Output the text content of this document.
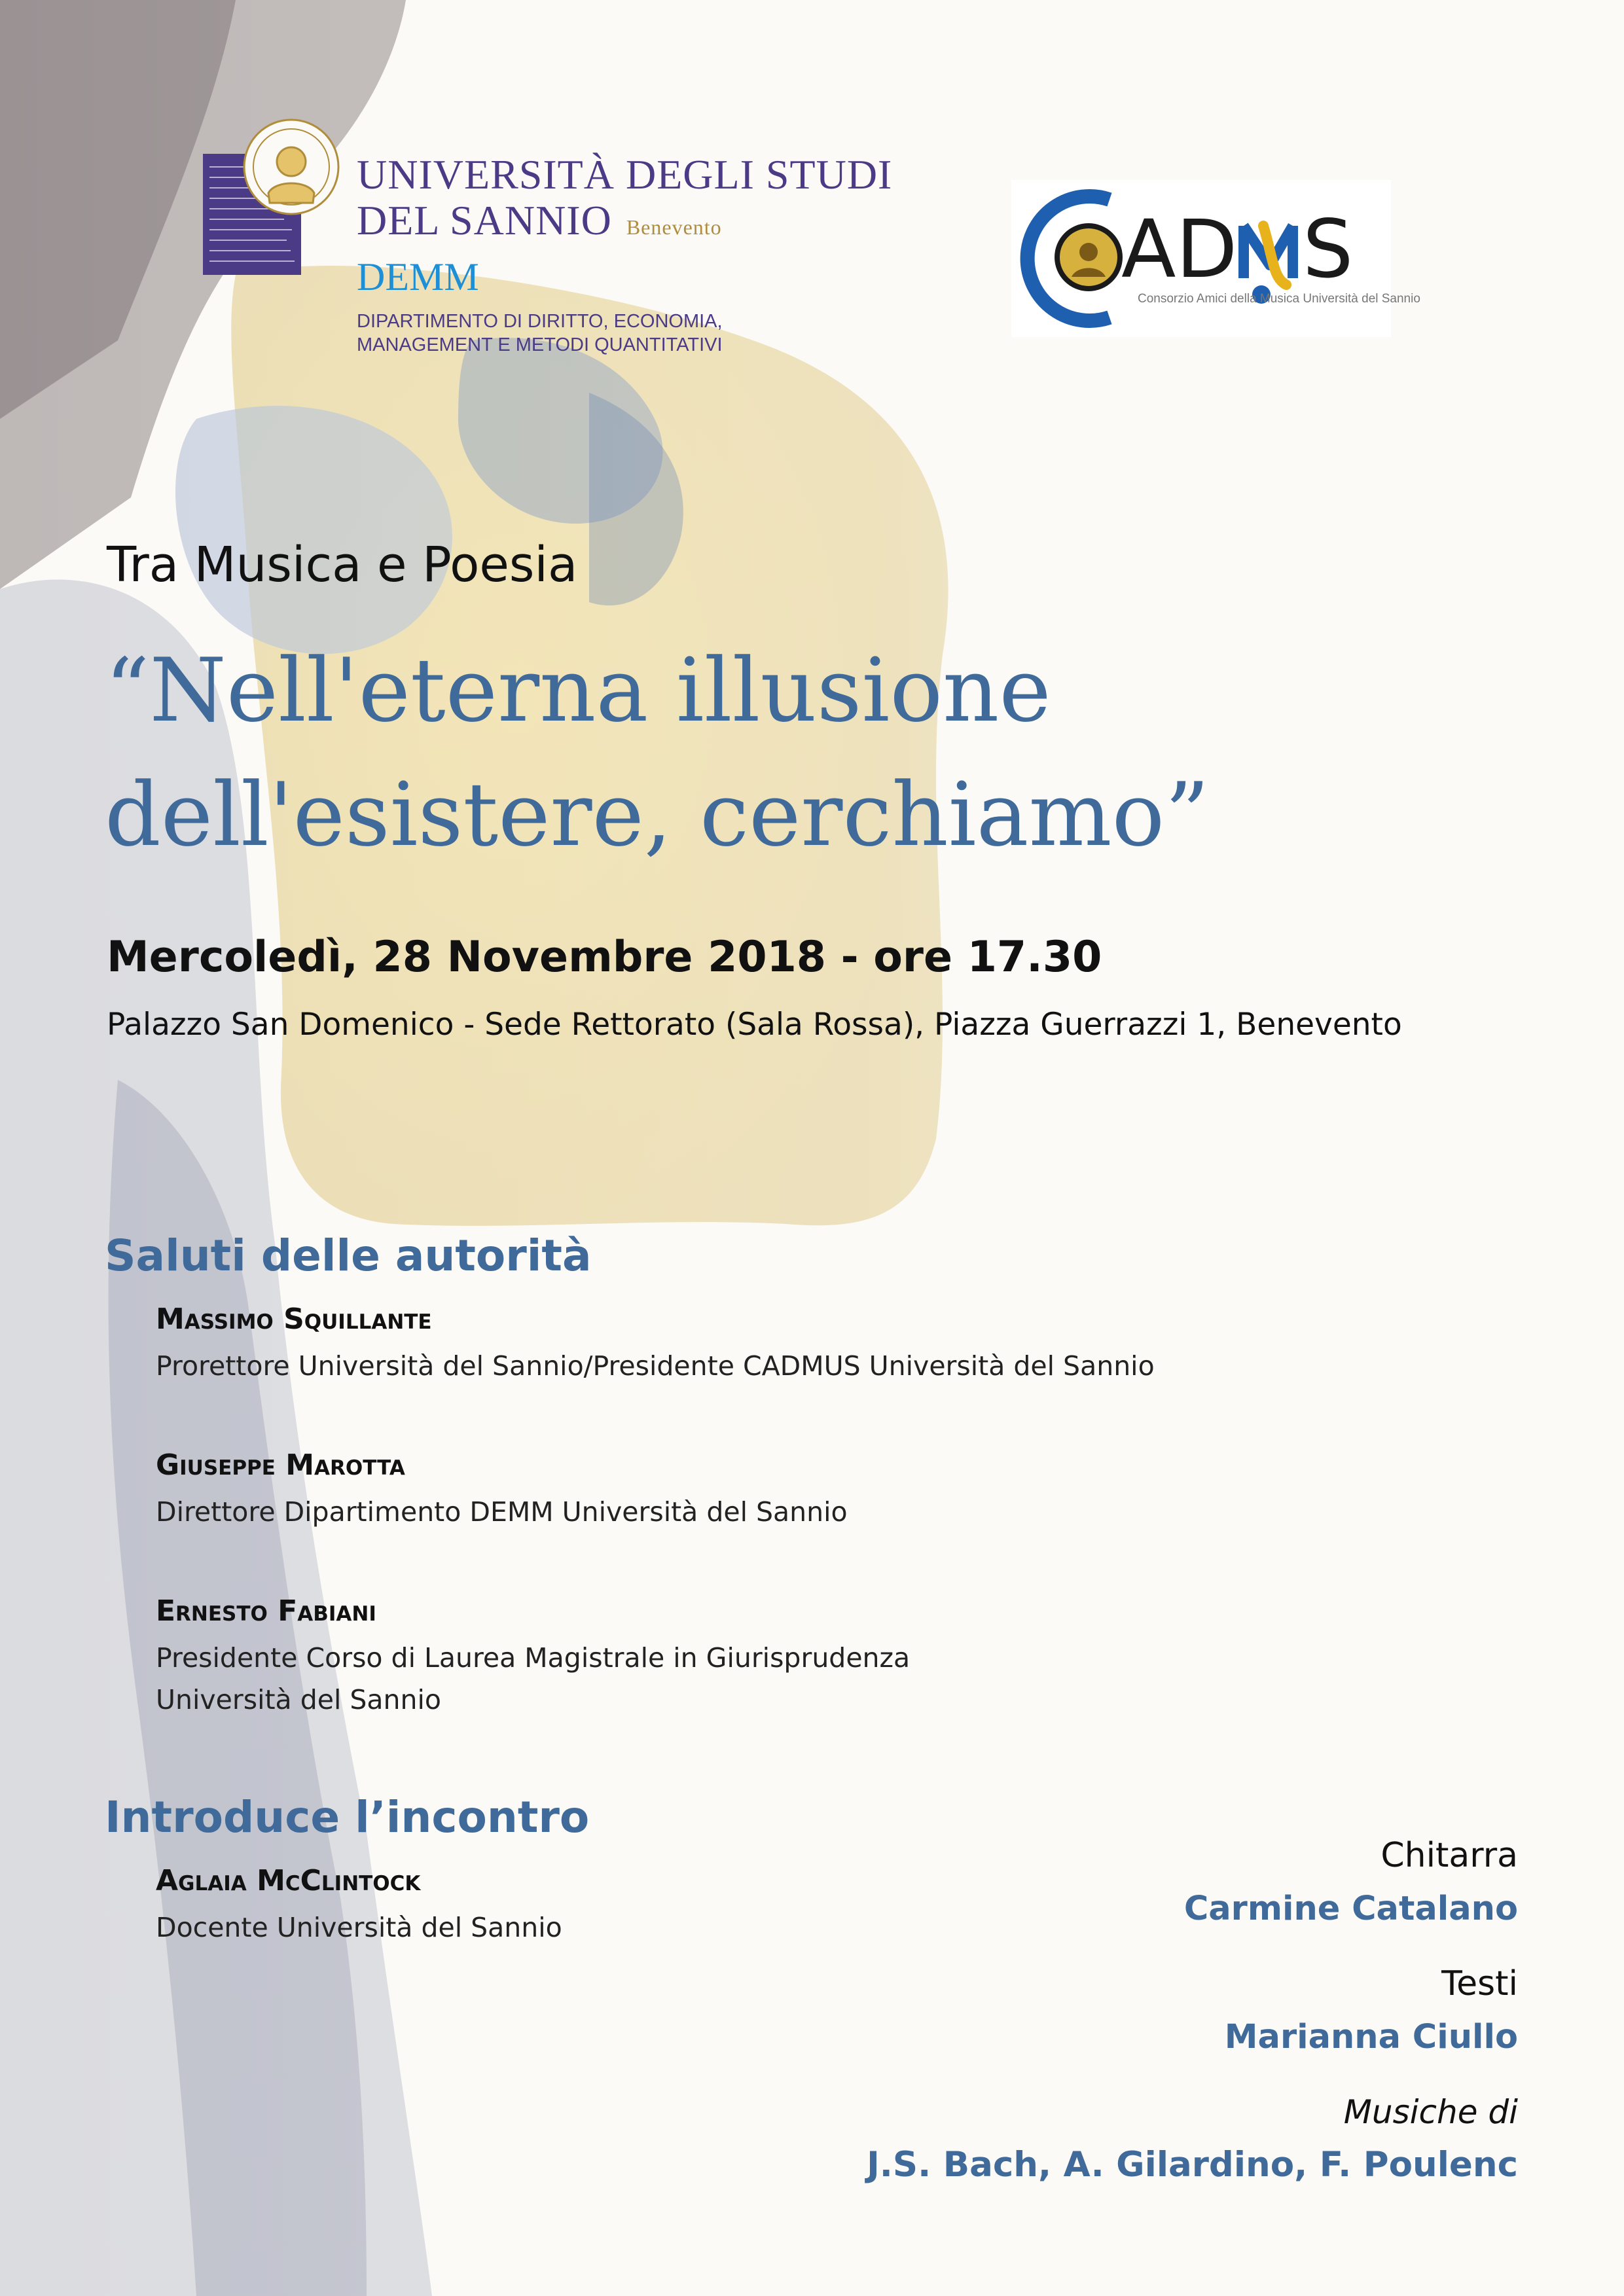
UNIVERSITÀ DEGLI STUDI
DEL SANNIO Benevento
DEMM
DIPARTIMENTO DI DIRITTO, ECONOMIA,
MANAGEMENT E METODI QUANTITATIVI
AD S
Consorzio Amici della Musica Università del Sannio
Tra Musica e Poesia
“Nell'eterna illusione
dell'esistere, cerchiamo”
Mercoledì, 28 Novembre 2018 - ore 17.30
Palazzo San Domenico - Sede Rettorato (Sala Rossa), Piazza Guerrazzi 1, Benevento
Saluti delle autorità
Massimo Squillante
Prorettore Università del Sannio/Presidente CADMUS Università del Sannio
Giuseppe Marotta
Direttore Dipartimento DEMM Università del Sannio
Ernesto Fabiani
Presidente Corso di Laurea Magistrale in Giurisprudenza
Università del Sannio
Introduce l’incontro
Aglaia McClintock
Docente Università del Sannio
Chitarra
Carmine Catalano
Testi
Marianna Ciullo
Musiche di
J.S. Bach, A. Gilardino, F. Poulenc
